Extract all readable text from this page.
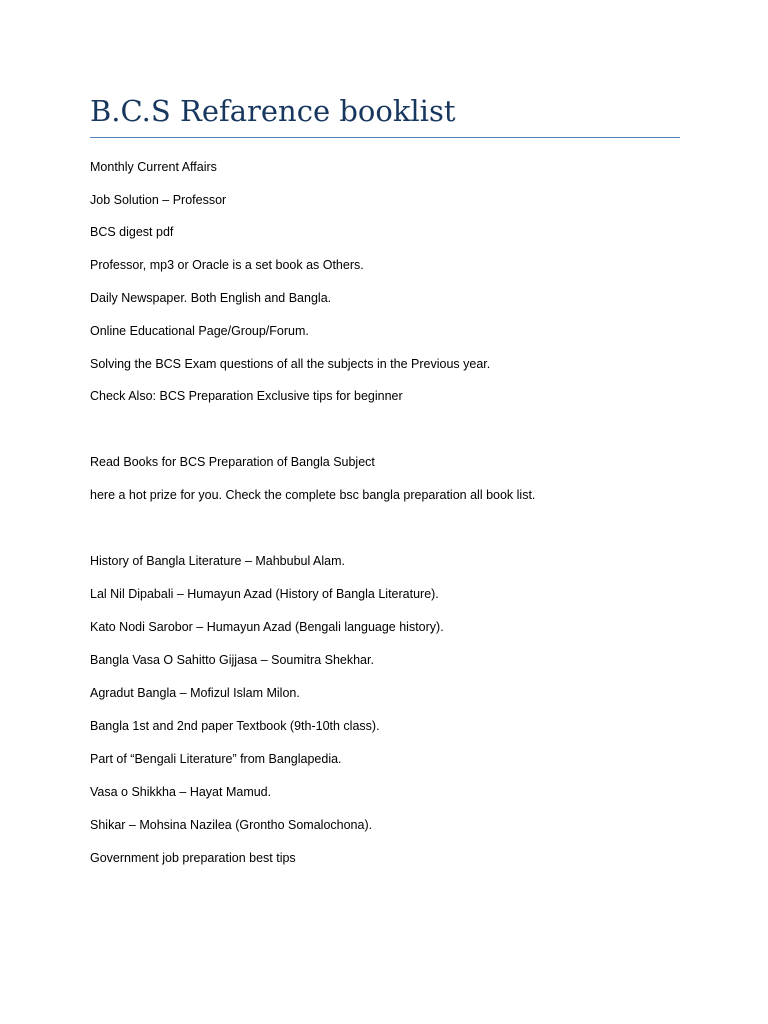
B.C.S Refarence booklist

Monthly Current Affairs

Job Solution – Professor

BCS digest pdf

Professor, mp3 or Oracle is a set book as Others.

Daily Newspaper. Both English and Bangla.

Online Educational Page/Group/Forum.

Solving the BCS Exam questions of all the subjects in the Previous year.

Check Also: BCS Preparation Exclusive tips for beginner

Read Books for BCS Preparation of Bangla Subject

here a hot prize for you. Check the complete bsc bangla preparation all book list.

History of Bangla Literature – Mahbubul Alam.

Lal Nil Dipabali – Humayun Azad (History of Bangla Literature).

Kato Nodi Sarobor – Humayun Azad (Bengali language history).

Bangla Vasa O Sahitto Gijjasa – Soumitra Shekhar.

Agradut Bangla – Mofizul Islam Milon.

Bangla 1st and 2nd paper Textbook (9th-10th class).

Part of “Bengali Literature” from Banglapedia.

Vasa o Shikkha – Hayat Mamud.

Shikar – Mohsina Nazilea (Grontho Somalochona).

Government job preparation best tips
